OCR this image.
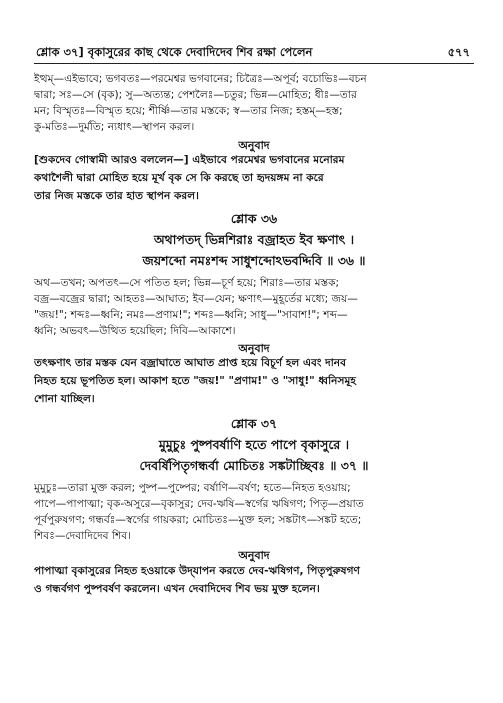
শ্লোক ৩৭] বৃকাসুরের কাছ থেকে দেবাদিদেব শিব রক্ষা পেলেন	৫৭৭
ইত্থম্—এইভাবে; ভগবতঃ—পরমেশ্বর ভগবানের; চিত্রৈঃ—অপূর্ব; বচোভিঃ—বচন
দ্বারা; সঃ—সে (বৃক); সু—অত্যন্ত; পেশলৈঃ—চতুর; ভিন্ন—মোহিত; ধীঃ—তার
মন; বিস্মৃতঃ—বিস্মৃত হয়ে; শীর্ষ্ণি—তার মস্তকে; স্ব—তার নিজ; হস্তম্—হস্ত;
কু-মতিঃ—দুর্মতি; ন্যধাৎ—স্থাপন করল।
অনুবাদ
[শুকদেব গোস্বামী আরও বললেন—] এইভাবে পরমেশ্বর ভগবানের মনোরম
কথাশৈলী দ্বারা মোহিত হয়ে মূর্খ বৃক সে কি করছে তা হৃদয়ঙ্গম না করে
তার নিজ মস্তকে তার হাত স্থাপন করল।
শ্লোক ৩৬
অথাপতদ্ ভিন্নশিরাঃ বজ্রাহত ইব ক্ষণাৎ ।
জয়শব্দো নমঃশব্দ সাধুশব্দোঽভবদ্দিবি ॥ ৩৬ ॥
অথ—তখন; অপতৎ—সে পতিত হল; ভিন্ন—চূর্ণ হয়ে; শিরাঃ—তার মস্তক;
বজ্র—বজ্রের দ্বারা; আহতঃ—আঘাত; ইব—যেন; ক্ষণাৎ—মুহূর্তের মধ্যে; জয়—
"জয়!"; শব্দঃ—ধ্বনি; নমঃ—প্রণাম!"; শব্দঃ—ধ্বনি; সাধু—"সাবাশ!"; শব্দ—
ধ্বনি; অভবৎ—উত্থিত হয়েছিল; দিবি—আকাশে।
অনুবাদ
তৎক্ষণাৎ তার মস্তক যেন বজ্রাঘাতে আঘাত প্রাপ্ত হয়ে বিচূর্ণ হল এবং দানব
নিহত হয়ে ভূপতিত হল। আকাশ হতে "জয়!" "প্রণাম!" ও "সাধু!" ধ্বনিসমূহ
শোনা যাচ্ছিল।
শ্লোক ৩৭
মুমুচুঃ পুষ্পবর্ষাণি হতে পাপে বৃকাসুরে ।
দেবর্ষিপিতৃগন্ধর্বা মোচিতঃ সঙ্কটাচ্ছিবঃ ॥ ৩৭ ॥
মুমুচুঃ—তারা মুক্ত করল; পুষ্প—পুষ্পের; বর্ষাণি—বর্ষণ; হতে—নিহত হওয়ায়;
পাপে—পাপাত্মা; বৃক-অসুরে—বৃকাসুর; দেব-ঋষি—স্বর্গের ঋষিগণ; পিতৃ—প্রয়াত
পূর্বপুরুষগণ; গন্ধর্বঃ—স্বর্গের গায়করা; মোচিতঃ—মুক্ত হল; সঙ্কটাৎ—সঙ্কট হতে;
শিবঃ—দেবাদিদেব শিব।
অনুবাদ
পাপাত্মা বৃকাসুরের নিহত হওয়াকে উদ্‌যাপন করতে দেব-ঋষিগণ, পিতৃপুরুষগণ
ও গন্ধর্বগণ পুষ্পবর্ষণ করলেন। এখন দেবাদিদেব শিব ভয় মুক্ত হলেন।
